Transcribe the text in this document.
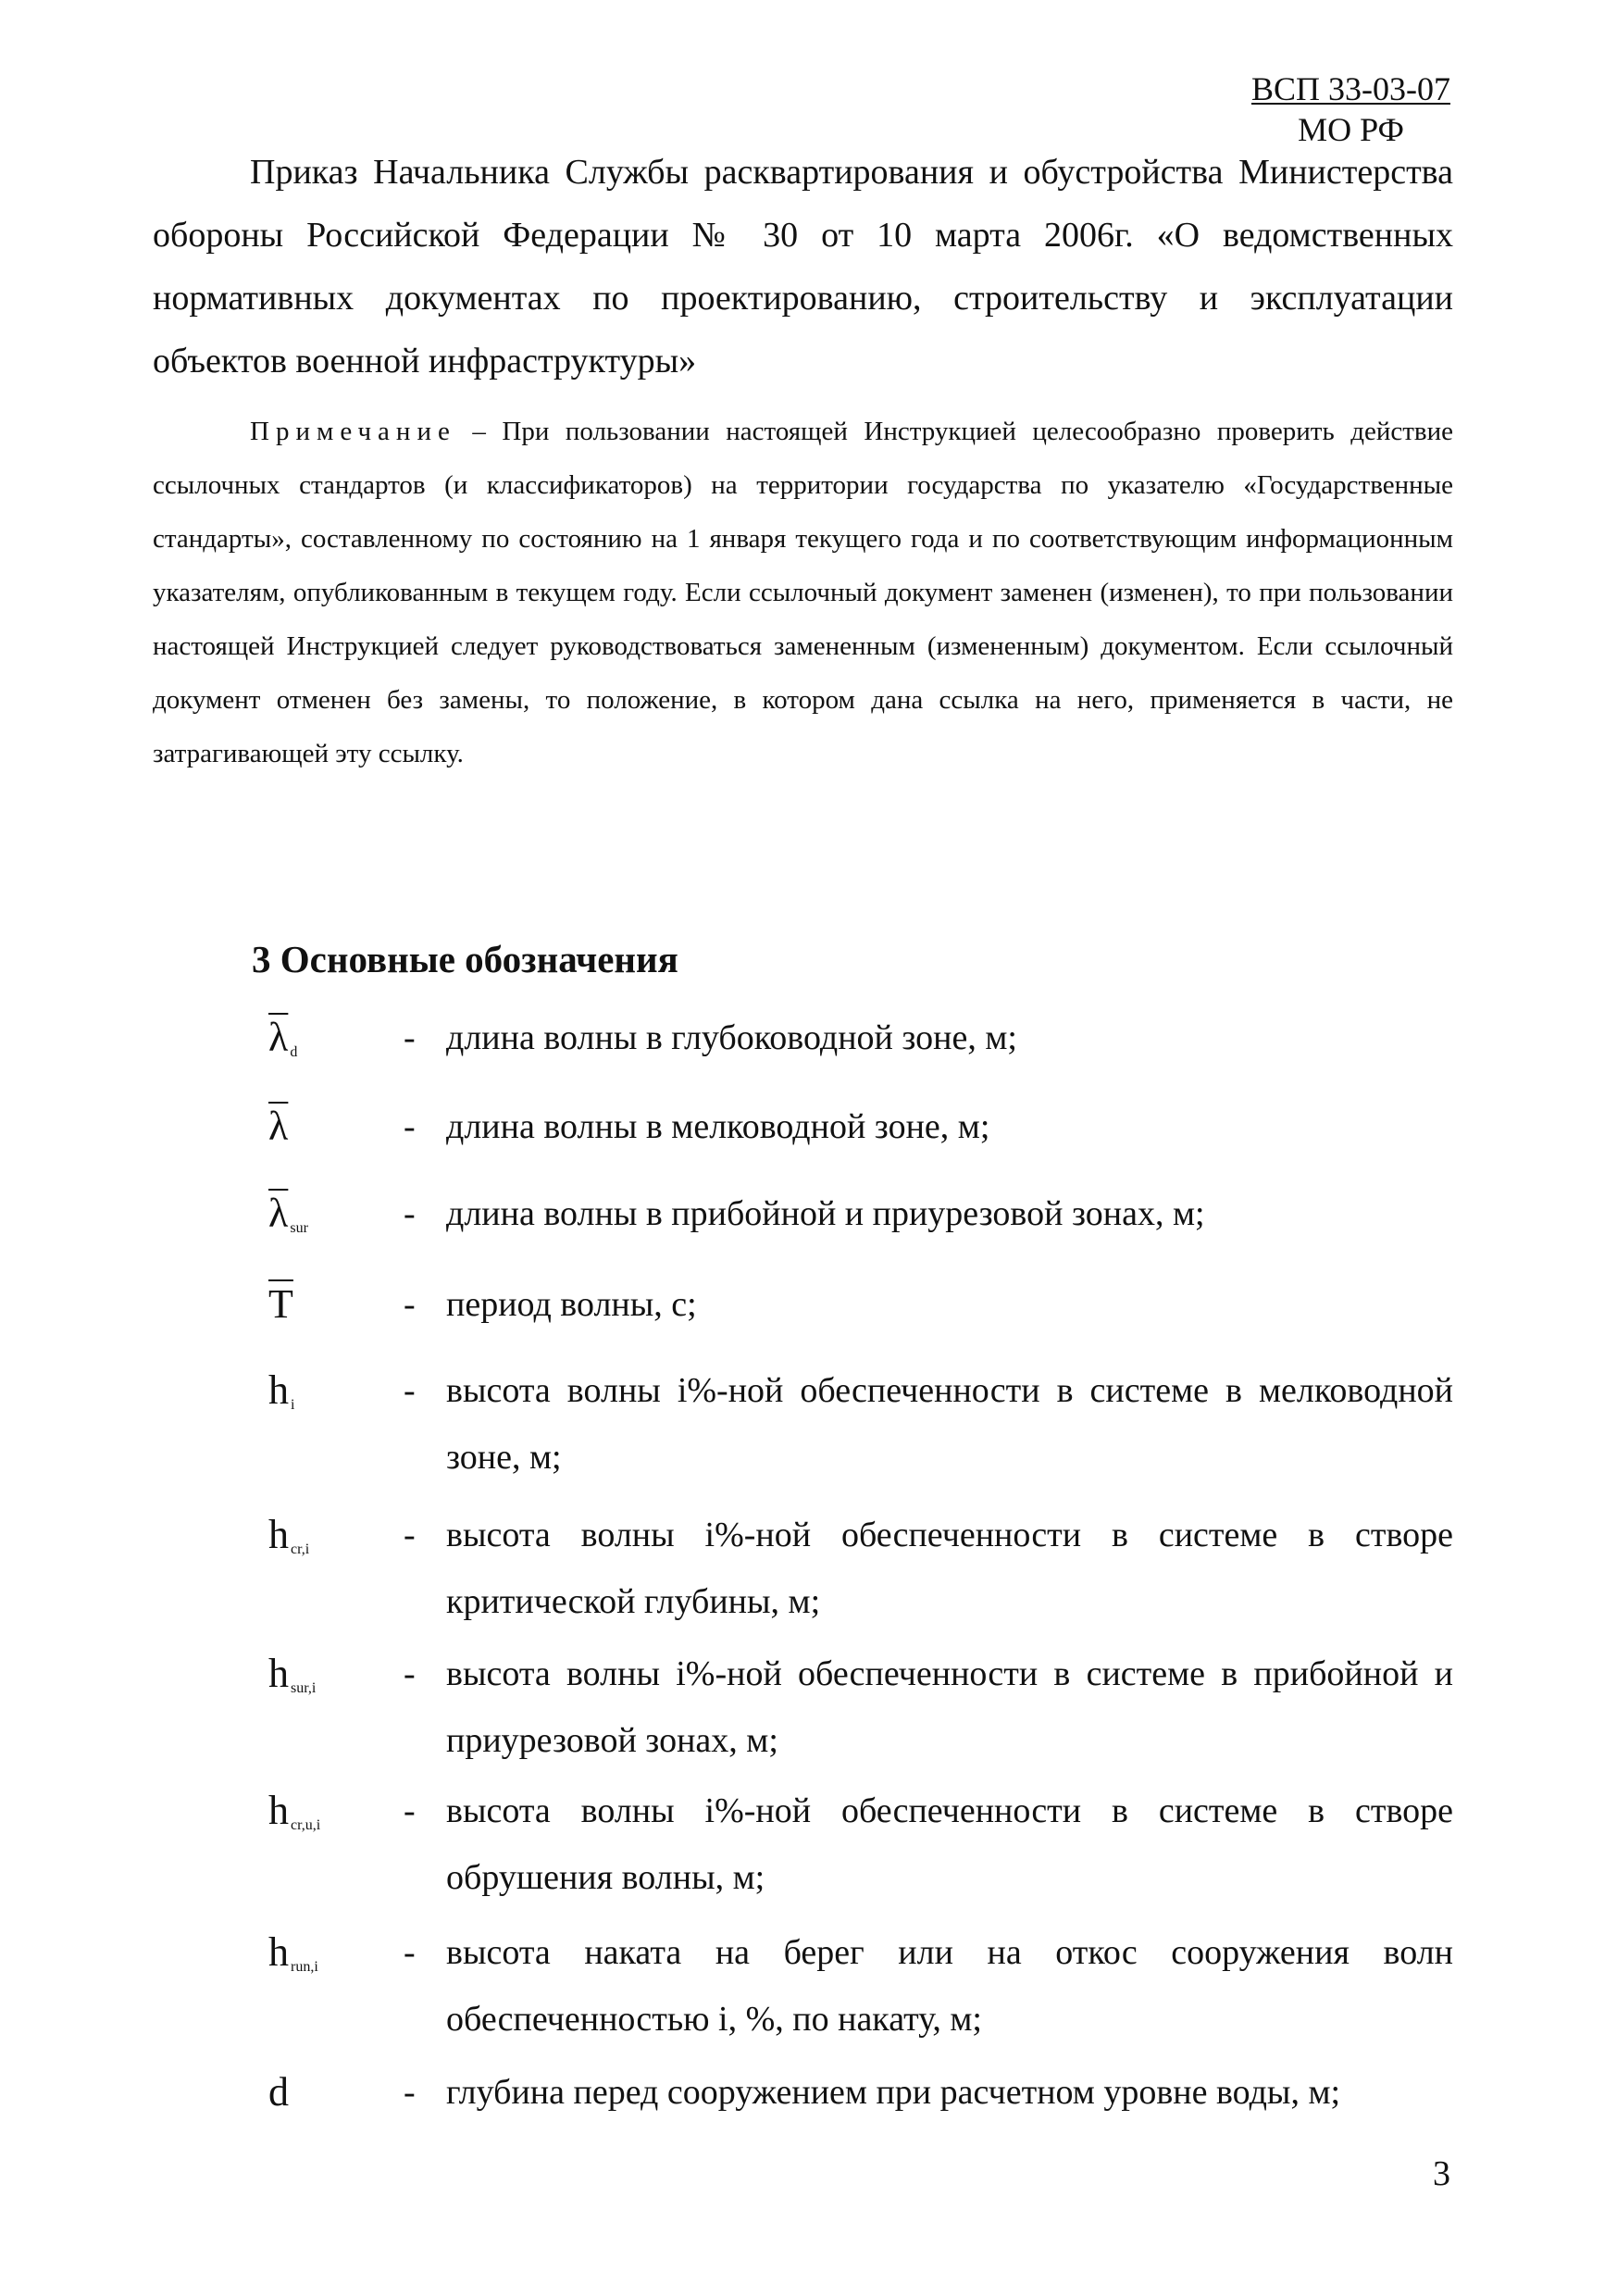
ВСП 33-03-07
МО РФ

Приказ Начальника Службы расквартирования и обустройства Министерства обороны Российской Федерации № 30 от 10 марта 2006г. «О ведомственных нормативных документах по проектированию, строительству и эксплуатации объектов военной инфраструктуры»

Примечание – При пользовании настоящей Инструкцией целесообразно проверить действие ссылочных стандартов (и классификаторов) на территории государства по указателю «Государственные стандарты», составленному по состоянию на 1 января текущего года и по соответствующим информационным указателям, опубликованным в текущем году. Если ссылочный документ заменен (изменен), то при пользовании настоящей Инструкцией следует руководствоваться замененным (измененным) документом. Если ссылочный документ отменен без замены, то положение, в котором дана ссылка на него, применяется в части, не затрагивающей эту ссылку.

3 Основные обозначения
$\overline{\lambda}$ $_d$	- длина волны в глубоководной зоне, м;

$\overline{\lambda}$	- длина волны в мелководной зоне, м;

$\overline{\lambda}$ $_{sur}$	- длина волны в прибойной и приурезовой зонах, м;

$\overline{T}$	- период волны, с;

h $_i$	- высота волны i%-ной обеспеченности в системе в мелководной зоне, м;

h $_{cr,i}$	- высота волны i%-ной обеспеченности в системе в створе критической глубины, м;

h $_{sur,i}$ - высота волны i%-ной обеспеченности в системе в прибойной и приурезовой зонах, м;

h $_{cr,u,i}$ - высота волны i%-ной обеспеченности в системе в створе обрушения волны, м;

h $_{run,i}$ - высота наката на берег или на откос сооружения волн обеспеченностью i, %, по накату, м;

d	- глубина перед сооружением при расчетном уровне воды, м;

3
